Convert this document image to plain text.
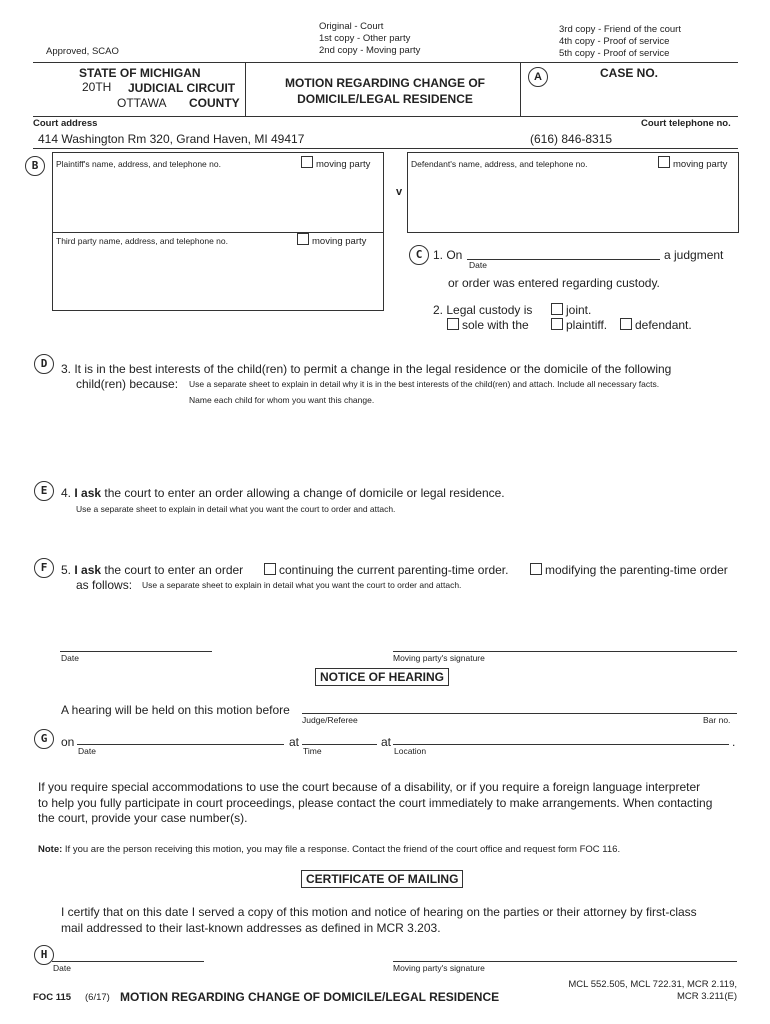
Approved, SCAO
Original - Court
1st copy - Other party
2nd copy - Moving party
3rd copy - Friend of the court
4th copy - Proof of service
5th copy - Proof of service
STATE OF MICHIGAN
20TH JUDICIAL CIRCUIT
OTTAWA COUNTY
MOTION REGARDING CHANGE OF
DOMICILE/LEGAL RESIDENCE
A	CASE NO.
Court address
414 Washington Rm 320, Grand Haven, MI 49417
Court telephone no.
(616) 846-8315
B	Plaintiff's name, address, and telephone no.	moving party
Third party name, address, and telephone no.	moving party
v
Defendant's name, address, and telephone no.	moving party
C 1. On
Date
a judgment
or order was entered regarding custody.
2. Legal custody is	joint.
sole with the	plaintiff.	defendant.
D	3. It is in the best interests of the child(ren) to permit a change in the legal residence or the domicile of the following
child(ren) because: Use a separate sheet to explain in detail why it is in the best interests of the child(ren) and attach. Include all necessary facts.
Name each child for whom you want this change.
E	4. I ask the court to enter an order allowing a change of domicile or legal residence.
Use a separate sheet to explain in detail what you want the court to order and attach.
F	5. I ask the court to enter an order	continuing the current parenting-time order.	modifying the parenting-time order
as follows: Use a separate sheet to explain in detail what you want the court to order and attach.
Date	Moving party's signature
NOTICE OF HEARING
A hearing will be held on this motion before
Judge/Referee	Bar no.
G	on
Date
at
Time
at
Location
.
If you require special accommodations to use the court because of a disability, or if you require a foreign language interpreter
to help you fully participate in court proceedings, please contact the court immediately to make arrangements. When contacting
the court, provide your case number(s).
Note: If you are the person receiving this motion, you may file a response. Contact the friend of the court office and request form FOC 116.
CERTIFICATE OF MAILING
I certify that on this date I served a copy of this motion and notice of hearing on the parties or their attorney by first-class
mail addressed to their last-known addresses as defined in MCR 3.203.
H
Date	Moving party's signature
FOC 115 (6/17) MOTION REGARDING CHANGE OF DOMICILE/LEGAL RESIDENCE
MCL 552.505, MCL 722.31, MCR 2.119,
MCR 3.211(E)
